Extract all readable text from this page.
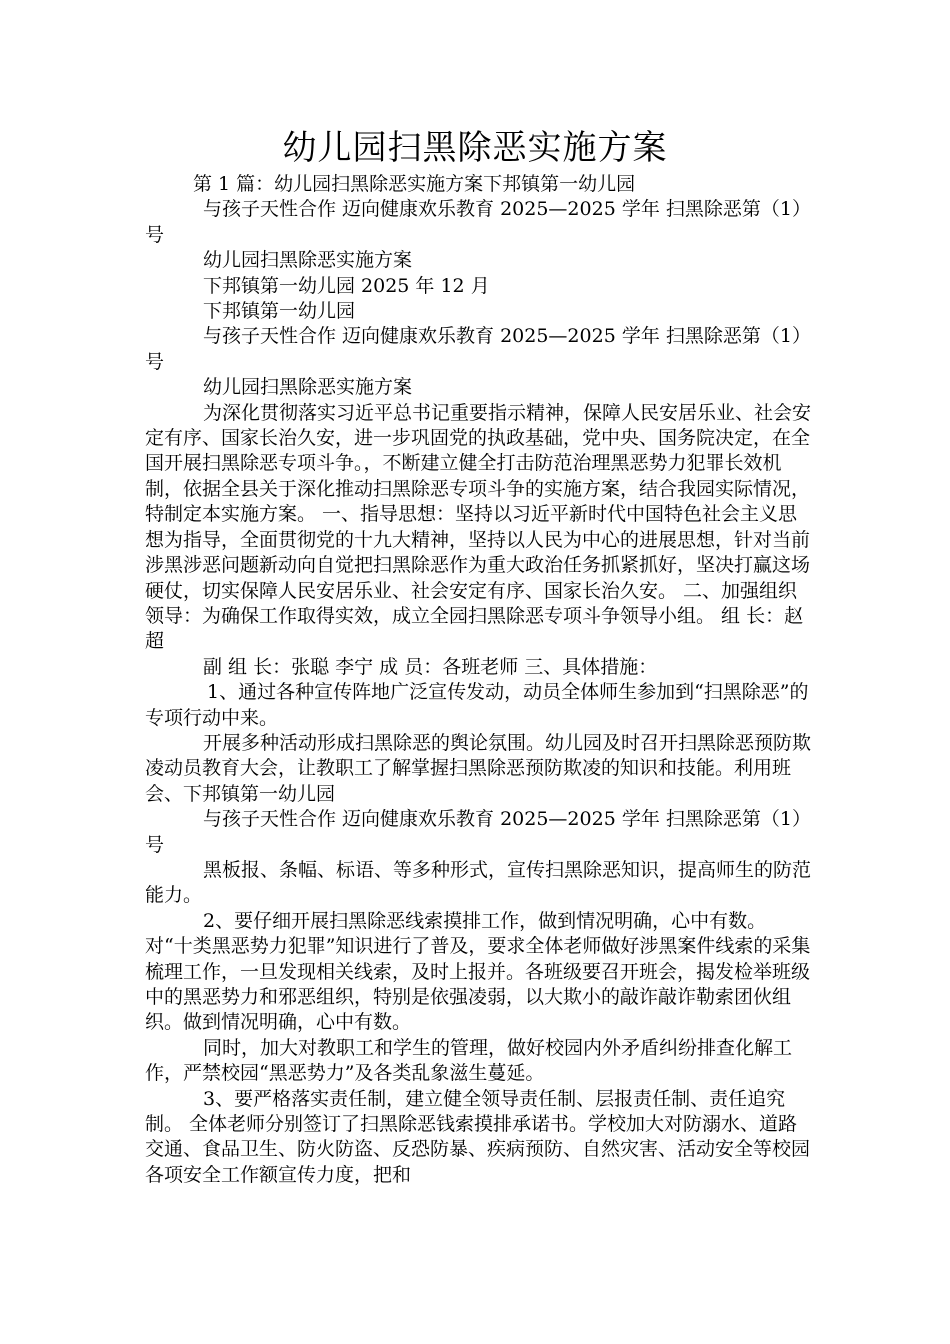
幼儿园扫黑除恶实施方案

第 1 篇：幼儿园扫黑除恶实施方案下邦镇第一幼儿园

与孩子天性合作 迈向健康欢乐教育 2025—2025 学年 扫黑除恶第（1）号

幼儿园扫黑除恶实施方案

下邦镇第一幼儿园 2025 年 12 月

下邦镇第一幼儿园

与孩子天性合作 迈向健康欢乐教育 2025—2025 学年 扫黑除恶第（1）号

幼儿园扫黑除恶实施方案

为深化贯彻落实习近平总书记重要指示精神，保障人民安居乐业、社会安定有序、国家长治久安，进一步巩固党的执政基础，党中央、国务院决定，在全国开展扫黑除恶专项斗争。，不断建立健全打击防范治理黑恶势力犯罪长效机制，依据全县关于深化推动扫黑除恶专项斗争的实施方案，结合我园实际情况，特制定本实施方案。 一、指导思想：坚持以习近平新时代中国特色社会主义思想为指导，全面贯彻党的十九大精神，坚持以人民为中心的进展思想，针对当前涉黑涉恶问题新动向自觉把扫黑除恶作为重大政治任务抓紧抓好，坚决打赢这场硬仗，切实保障人民安居乐业、社会安定有序、国家长治久安。 二、加强组织领导：为确保工作取得实效，成立全园扫黑除恶专项斗争领导小组。 组 长：赵超

副 组 长：张聪 李宁 成 员：各班老师 三、具体措施：

1、通过各种宣传阵地广泛宣传发动，动员全体师生参加到“扫黑除恶”的专项行动中来。

开展多种活动形成扫黑除恶的舆论氛围。幼儿园及时召开扫黑除恶预防欺凌动员教育大会，让教职工了解掌握扫黑除恶预防欺凌的知识和技能。利用班会、下邦镇第一幼儿园

与孩子天性合作 迈向健康欢乐教育 2025—2025 学年 扫黑除恶第（1）号

黑板报、条幅、标语、等多种形式，宣传扫黑除恶知识，提高师生的防范能力。

2、要仔细开展扫黑除恶线索摸排工作，做到情况明确，心中有数。 对“十类黑恶势力犯罪”知识进行了普及，要求全体老师做好涉黑案件线索的采集梳理工作，一旦发现相关线索，及时上报并。各班级要召开班会，揭发检举班级中的黑恶势力和邪恶组织，特别是依强凌弱，以大欺小的敲诈敲诈勒索团伙组织。做到情况明确，心中有数。

同时，加大对教职工和学生的管理，做好校园内外矛盾纠纷排查化解工作，严禁校园“黑恶势力”及各类乱象滋生蔓延。

3、要严格落实责任制，建立健全领导责任制、层报责任制、责任追究制。 全体老师分别签订了扫黑除恶钱索摸排承诺书。学校加大对防溺水、道路交通、食品卫生、防火防盗、反恐防暴、疾病预防、自然灾害、活动安全等校园各项安全工作额宣传力度，把和
